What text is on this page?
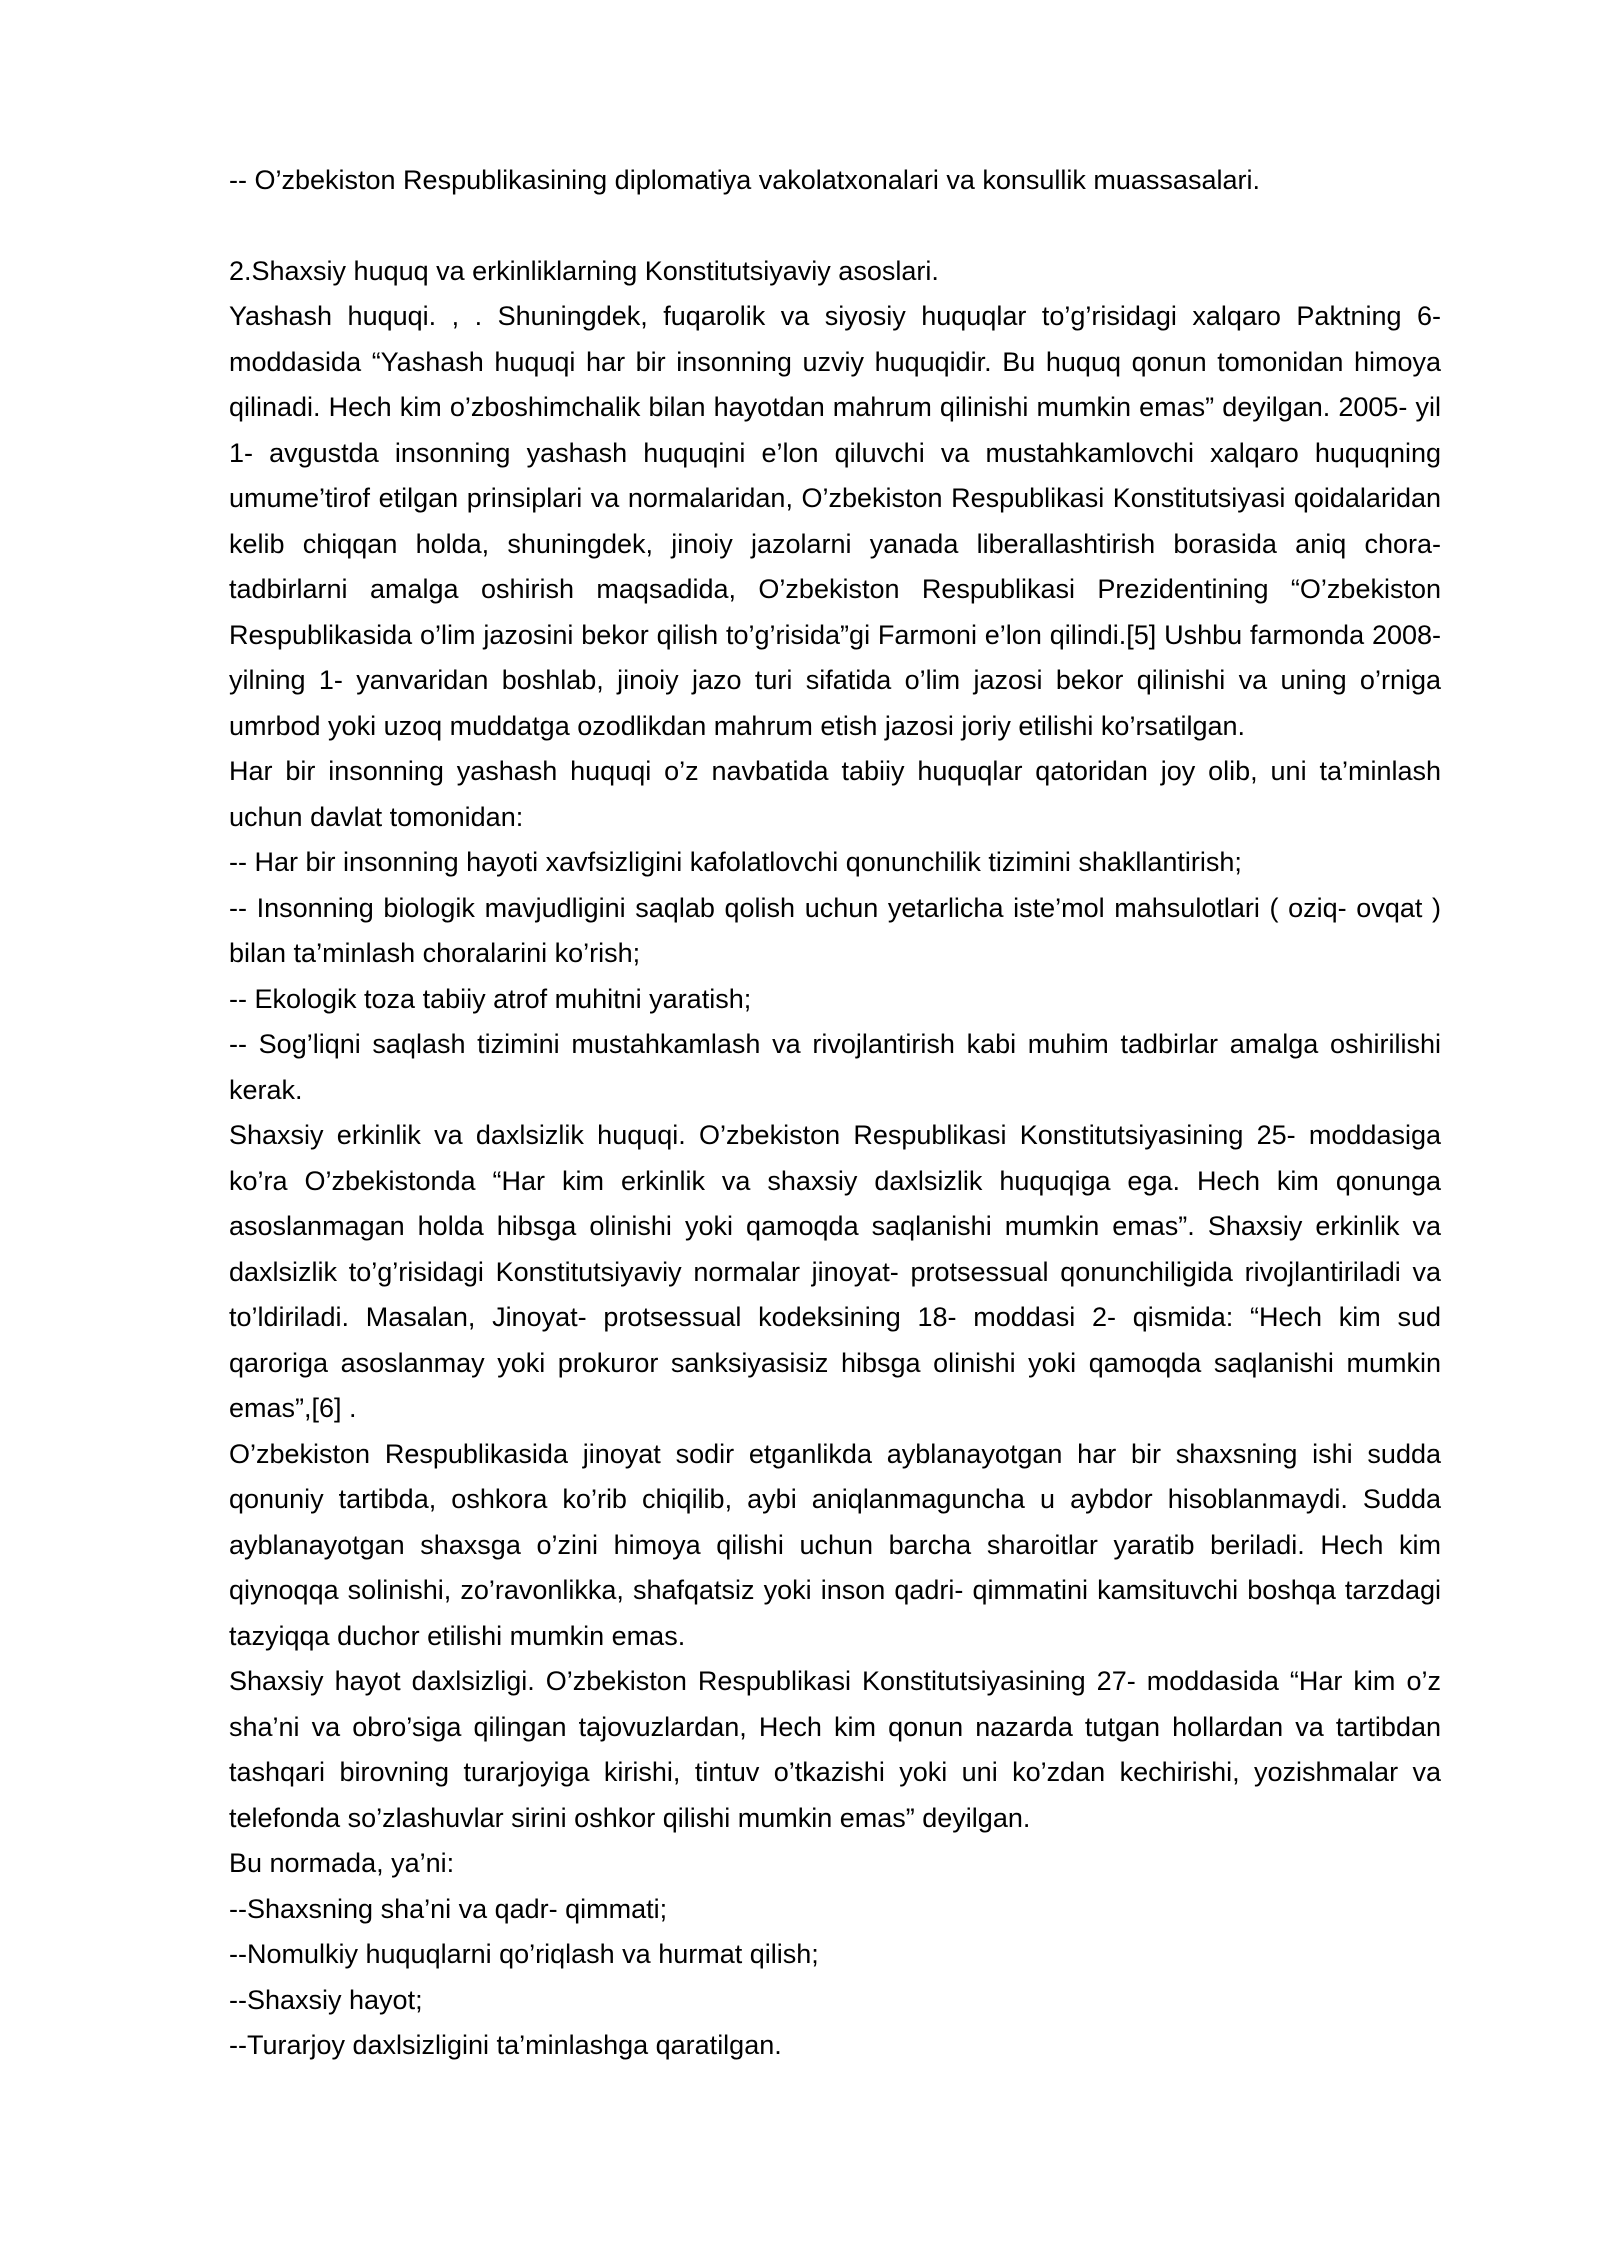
-- O’zbekiston Respublikasining diplomatiya vakolatxonalari va konsullik muassasalari.

2.Shaxsiy huquq va erkinliklarning Konstitutsiyaviy asoslari.

Yashash huquqi. , . Shuningdek, fuqarolik va siyosiy huquqlar to’g’risidagi xalqaro Paktning 6- moddasida “Yashash huquqi har bir insonning uzviy huquqidir. Bu huquq qonun tomonidan himoya qilinadi. Hech kim o’zboshimchalik bilan hayotdan mahrum qilinishi mumkin emas” deyilgan. 2005- yil 1- avgustda insonning yashash huquqini e’lon qiluvchi va mustahkamlovchi xalqaro huquqning umume’tirof etilgan prinsiplari va normalaridan, O’zbekiston Respublikasi Konstitutsiyasi qoidalaridan kelib chiqqan holda, shuningdek, jinoiy jazolarni yanada liberallashtirish borasida aniq chora- tadbirlarni amalga oshirish maqsadida, O’zbekiston Respublikasi Prezidentining “O’zbekiston Respublikasida o’lim jazosini bekor qilish to’g’risida”gi Farmoni e’lon qilindi.[5] Ushbu farmonda 2008- yilning 1- yanvaridan boshlab, jinoiy jazo turi sifatida o’lim jazosi bekor qilinishi va uning o’rniga umrbod yoki uzoq muddatga ozodlikdan mahrum etish jazosi joriy etilishi ko’rsatilgan.

Har bir insonning yashash huquqi o’z navbatida tabiiy huquqlar qatoridan joy olib, uni ta’minlash uchun davlat tomonidan:

-- Har bir insonning hayoti xavfsizligini kafolatlovchi qonunchilik tizimini shakllantirish;

-- Insonning biologik mavjudligini saqlab qolish uchun yetarlicha iste’mol mahsulotlari ( oziq- ovqat ) bilan ta’minlash choralarini ko’rish;

-- Ekologik toza tabiiy atrof muhitni yaratish;

-- Sog’liqni saqlash tizimini mustahkamlash va rivojlantirish kabi muhim tadbirlar amalga oshirilishi kerak.

Shaxsiy erkinlik va daxlsizlik huquqi. O’zbekiston Respublikasi Konstitutsiyasining 25- moddasiga ko’ra O’zbekistonda “Har kim erkinlik va shaxsiy daxlsizlik huquqiga ega. Hech kim qonunga asoslanmagan holda hibsga olinishi yoki qamoqda saqlanishi mumkin emas”. Shaxsiy erkinlik va daxlsizlik to’g’risidagi Konstitutsiyaviy normalar jinoyat- protsessual qonunchiligida rivojlantiriladi va to’ldiriladi. Masalan, Jinoyat- protsessual kodeksining 18- moddasi 2- qismida: “Hech kim sud qaroriga asoslanmay yoki prokuror sanksiyasisiz hibsga olinishi yoki qamoqda saqlanishi mumkin emas”,[6] .

O’zbekiston Respublikasida jinoyat sodir etganlikda ayblanayotgan har bir shaxsning ishi sudda qonuniy tartibda, oshkora ko’rib chiqilib, aybi aniqlanmaguncha u aybdor hisoblanmaydi. Sudda ayblanayotgan shaxsga o’zini himoya qilishi uchun barcha sharoitlar yaratib beriladi. Hech kim qiynoqqa solinishi, zo’ravonlikka, shafqatsiz yoki inson qadri- qimmatini kamsituvchi boshqa tarzdagi tazyiqqa duchor etilishi mumkin emas.

Shaxsiy hayot daxlsizligi. O’zbekiston Respublikasi Konstitutsiyasining 27- moddasida “Har kim o’z sha’ni va obro’siga qilingan tajovuzlardan, Hech kim qonun nazarda tutgan hollardan va tartibdan tashqari birovning turarjoyiga kirishi, tintuv o’tkazishi yoki uni ko’zdan kechirishi, yozishmalar va telefonda so’zlashuvlar sirini oshkor qilishi mumkin emas” deyilgan.

Bu normada, ya’ni:

--Shaxsning sha’ni va qadr- qimmati;

--Nomulkiy huquqlarni qo’riqlash va hurmat qilish;

--Shaxsiy hayot;

--Turarjoy daxlsizligini ta’minlashga qaratilgan.
